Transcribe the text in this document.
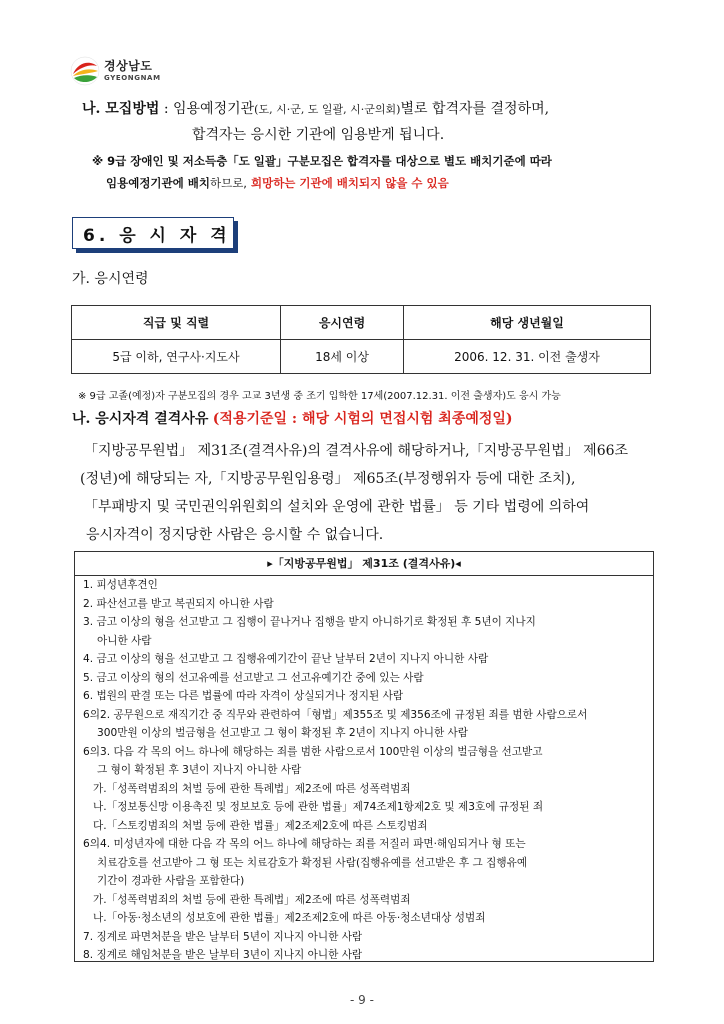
경상남도
GYEONGNAM
나. 모집방법 : 임용예정기관(도, 시·군, 도 일괄, 시·군의회)별로 합격자를 결정하며,
합격자는 응시한 기관에 임용받게 됩니다.
※ 9급 장애인 및 저소득층「도 일괄」구분모집은 합격자를 대상으로 별도 배치기준에 따라
임용예정기관에 배치하므로, 희망하는 기관에 배치되지 않을 수 있음
6. 응 시 자 격
가. 응시연령
직급 및 직렬	응시연령	해당 생년월일
5급 이하, 연구사·지도사	18세 이상	2006. 12. 31. 이전 출생자
※ 9급 고졸(예정)자 구분모집의 경우 고교 3년생 중 조기 입학한 17세(2007.12.31. 이전 출생자)도 응시 가능
나. 응시자격 결격사유 (적용기준일 : 해당 시험의 면접시험 최종예정일)
「지방공무원법」 제31조(결격사유)의 결격사유에 해당하거나,「지방공무원법」 제66조
(정년)에 해당되는 자,「지방공무원임용령」 제65조(부정행위자 등에 대한 조치),
「부패방지 및 국민권익위원회의 설치와 운영에 관한 법률」 등 기타 법령에 의하여
응시자격이 정지당한 사람은 응시할 수 없습니다.
▸「지방공무원법」 제31조 (결격사유)◂
1. 피성년후견인
2. 파산선고를 받고 복권되지 아니한 사람
3. 금고 이상의 형을 선고받고 그 집행이 끝나거나 집행을 받지 아니하기로 확정된 후 5년이 지나지
아니한 사람
4. 금고 이상의 형을 선고받고 그 집행유예기간이 끝난 날부터 2년이 지나지 아니한 사람
5. 금고 이상의 형의 선고유예를 선고받고 그 선고유예기간 중에 있는 사람
6. 법원의 판결 또는 다른 법률에 따라 자격이 상실되거나 정지된 사람
6의2. 공무원으로 재직기간 중 직무와 관련하여「형법」제355조 및 제356조에 규정된 죄를 범한 사람으로서
300만원 이상의 벌금형을 선고받고 그 형이 확정된 후 2년이 지나지 아니한 사람
6의3. 다음 각 목의 어느 하나에 해당하는 죄를 범한 사람으로서 100만원 이상의 벌금형을 선고받고
그 형이 확정된 후 3년이 지나지 아니한 사람
가.「성폭력범죄의 처벌 등에 관한 특례법」제2조에 따른 성폭력범죄
나.「정보통신망 이용촉진 및 정보보호 등에 관한 법률」제74조제1항제2호 및 제3호에 규정된 죄
다.「스토킹범죄의 처벌 등에 관한 법률」제2조제2호에 따른 스토킹범죄
6의4. 미성년자에 대한 다음 각 목의 어느 하나에 해당하는 죄를 저질러 파면·해임되거나 형 또는
치료감호를 선고받아 그 형 또는 치료감호가 확정된 사람(집행유예를 선고받은 후 그 집행유예
기간이 경과한 사람을 포함한다)
가.「성폭력범죄의 처벌 등에 관한 특례법」제2조에 따른 성폭력범죄
나.「아동·청소년의 성보호에 관한 법률」제2조제2호에 따른 아동·청소년대상 성범죄
7. 징계로 파면처분을 받은 날부터 5년이 지나지 아니한 사람
8. 징계로 해임처분을 받은 날부터 3년이 지나지 아니한 사람
- 9 -
